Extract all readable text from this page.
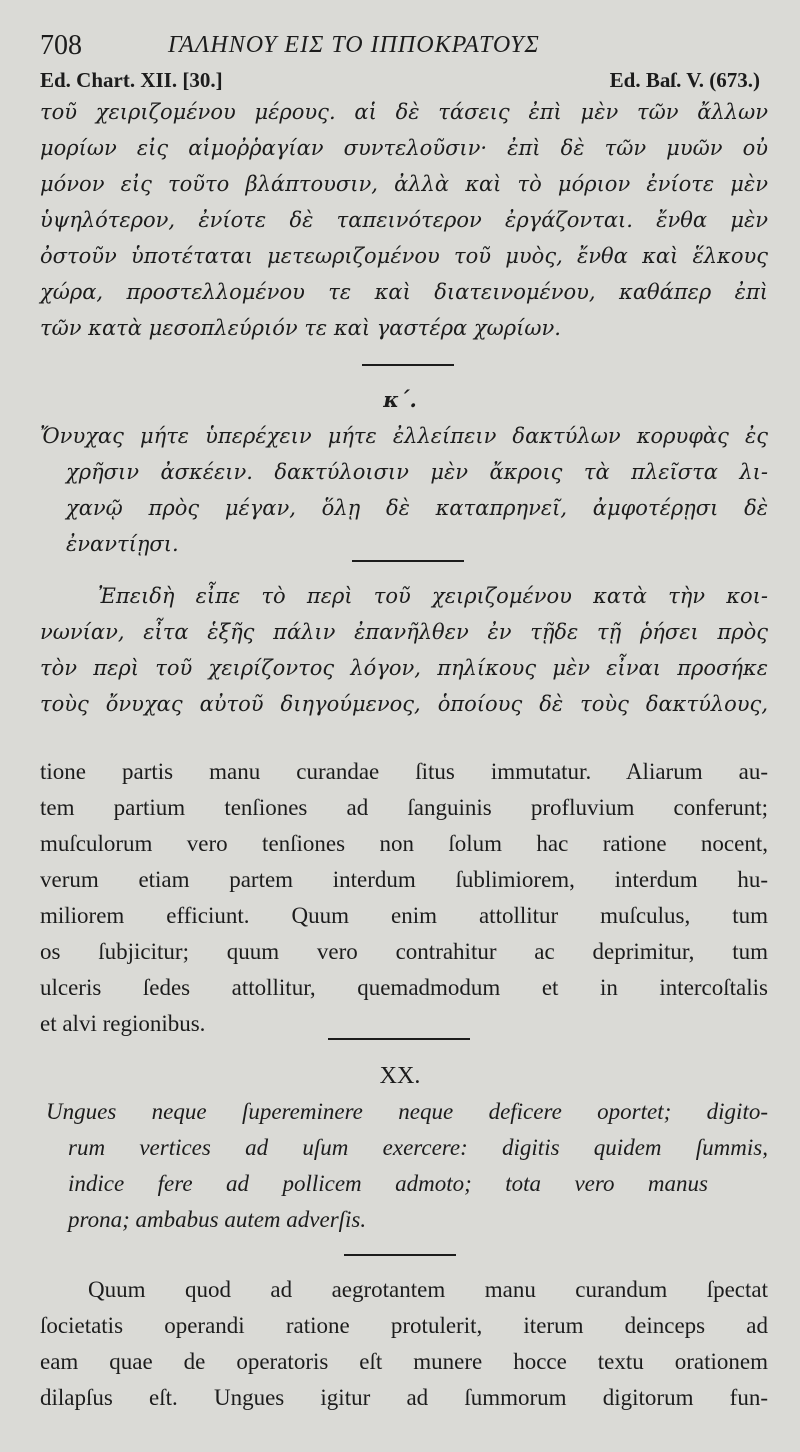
708	ΓΑΛΗΝΟΥ ΕΙΣ ΤΟ ΙΠΠΟΚΡΑΤΟΥΣ
Ed. Chart. XII. [30.]	Ed. Baſ. V. (673.)
τοῦ χειριζομένου μέρους. αἱ δὲ τάσεις ἐπὶ μὲν τῶν ἄλλων
μορίων εἰς αἱμοῤῥαγίαν συντελοῦσιν· ἐπὶ δὲ τῶν μυῶν οὐ
μόνον εἰς τοῦτο βλάπτουσιν, ἀλλὰ καὶ τὸ μόριον ἐνίοτε μὲν
ὑψηλότερον, ἐνίοτε δὲ ταπεινότερον ἐργάζονται. ἔνθα μὲν
ὀστοῦν ὑποτέταται μετεωριζομένου τοῦ μυὸς, ἔνθα καὶ ἕλκους
χώρα, προστελλομένου τε καὶ διατεινομένου, καθάπερ ἐπὶ
τῶν κατὰ μεσοπλεύριόν τε καὶ γαστέρα χωρίων.
κ΄.
Ὄνυχας μήτε ὑπερέχειν μήτε ἐλλείπειν δακτύλων κορυφὰς ἐς
χρῆσιν ἀσκέειν. δακτύλοισιν μὲν ἄκροις τὰ πλεῖστα λι-
χανῷ πρὸς μέγαν, ὅλῃ δὲ καταπρηνεῖ, ἀμφοτέρῃσι δὲ
ἐναντίῃσι.
Ἐπειδὴ εἶπε τὸ περὶ τοῦ χειριζομένου κατὰ τὴν κοι-
νωνίαν, εἶτα ἑξῆς πάλιν ἐπανῆλθεν ἐν τῇδε τῇ ῥήσει πρὸς
τὸν περὶ τοῦ χειρίζοντος λόγον, πηλίκους μὲν εἶναι προσήκε
τοὺς ὄνυχας αὐτοῦ διηγούμενος, ὁποίους δὲ τοὺς δακτύλους,
tione partis manu curandae ſitus immutatur. Aliarum au-
tem partium tenſiones ad ſanguinis profluvium conferunt;
muſculorum vero tenſiones non ſolum hac ratione nocent,
verum etiam partem interdum ſublimiorem, interdum hu-
miliorem efficiunt. Quum enim attollitur muſculus, tum
os ſubjicitur; quum vero contrahitur ac deprimitur, tum
ulceris ſedes attollitur, quemadmodum et in intercoſtalis
et alvi regionibus.
XX.
Ungues neque ſupereminere neque deficere oportet; digito-
rum vertices ad uſum exercere: digitis quidem ſummis,
indice fere ad pollicem admoto; tota vero manus
prona; ambabus autem adverſis.
Quum quod ad aegrotantem manu curandum ſpectat
ſocietatis operandi ratione protulerit, iterum deinceps ad
eam quae de operatoris eſt munere hocce textu orationem
dilapſus eſt. Ungues igitur ad ſummorum digitorum fun-
